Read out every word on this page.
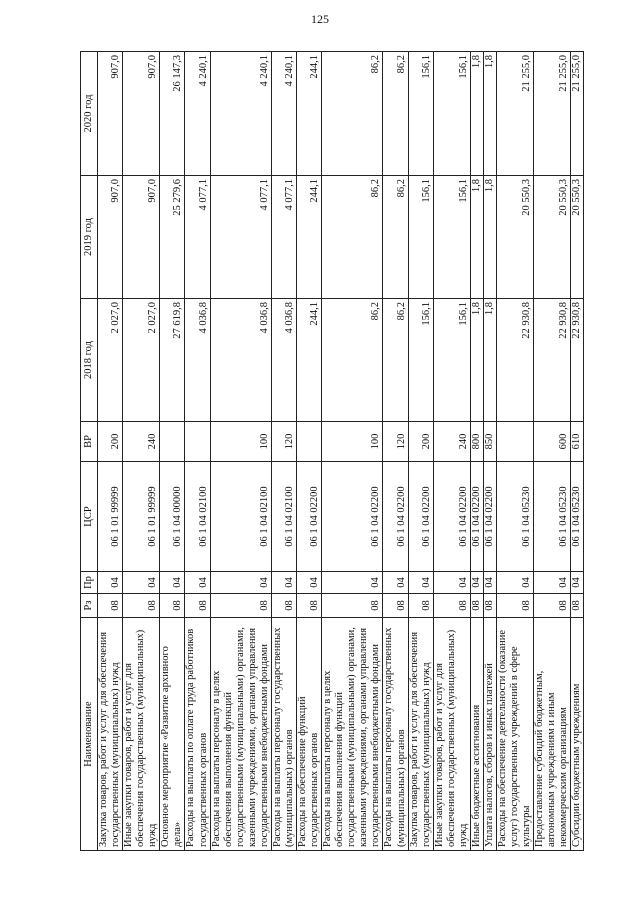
125
Наименование	Рз	Пр	ЦСР	ВР	2018 год	2019 год	2020 год
Закупка товаров, работ и услуг для обеспечения государственных (муниципальных) нужд	08	04	06 1 01 99999	200	2 027,0	907,0	907,0
Иные закупки товаров, работ и услуг для обеспечения государственных (муниципальных) нужд	08	04	06 1 01 99999	240	2 027,0	907,0	907,0
Основное мероприятие «Развитие архивного дела»	08	04	06 1 04 00000		27 619,8	25 279,6	26 147,3
Расходы на выплаты по оплате труда работников государственных органов	08	04	06 1 04 02100		4 036,8	4 077,1	4 240,1
Расходы на выплаты персоналу в целях обеспечения выполнения функций государственными (муниципальными) органами, казенными учреждениями, органами управления государственными внебюджетными фондами	08	04	06 1 04 02100	100	4 036,8	4 077,1	4 240,1
Расходы на выплаты персоналу государственных (муниципальных) органов	08	04	06 1 04 02100	120	4 036,8	4 077,1	4 240,1
Расходы на обеспечение функций государственных органов	08	04	06 1 04 02200		244,1	244,1	244,1
Расходы на выплаты персоналу в целях обеспечения выполнения функций государственными (муниципальными) органами, казенными учреждениями, органами управления государственными внебюджетными фондами	08	04	06 1 04 02200	100	86,2	86,2	86,2
Расходы на выплаты персоналу государственных (муниципальных) органов	08	04	06 1 04 02200	120	86,2	86,2	86,2
Закупка товаров, работ и услуг для обеспечения государственных (муниципальных) нужд	08	04	06 1 04 02200	200	156,1	156,1	156,1
Иные закупки товаров, работ и услуг для обеспечения государственных (муниципальных) нужд	08	04	06 1 04 02200	240	156,1	156,1	156,1
Иные бюджетные ассигнования	08	04	06 1 04 02200	800	1,8	1,8	1,8
Уплата налогов, сборов и иных платежей	08	04	06 1 04 02200	850	1,8	1,8	1,8
Расходы на обеспечение деятельности (оказание услуг) государственных учреждений в сфере культуры	08	04	06 1 04 05230		22 930,8	20 550,3	21 255,0
Предоставление субсидий бюджетным, автономным учреждениям и иным некоммерческим организациям	08	04	06 1 04 05230	600	22 930,8	20 550,3	21 255,0
Субсидии бюджетным учреждениям	08	04	06 1 04 05230	610	22 930,8	20 550,3	21 255,0
